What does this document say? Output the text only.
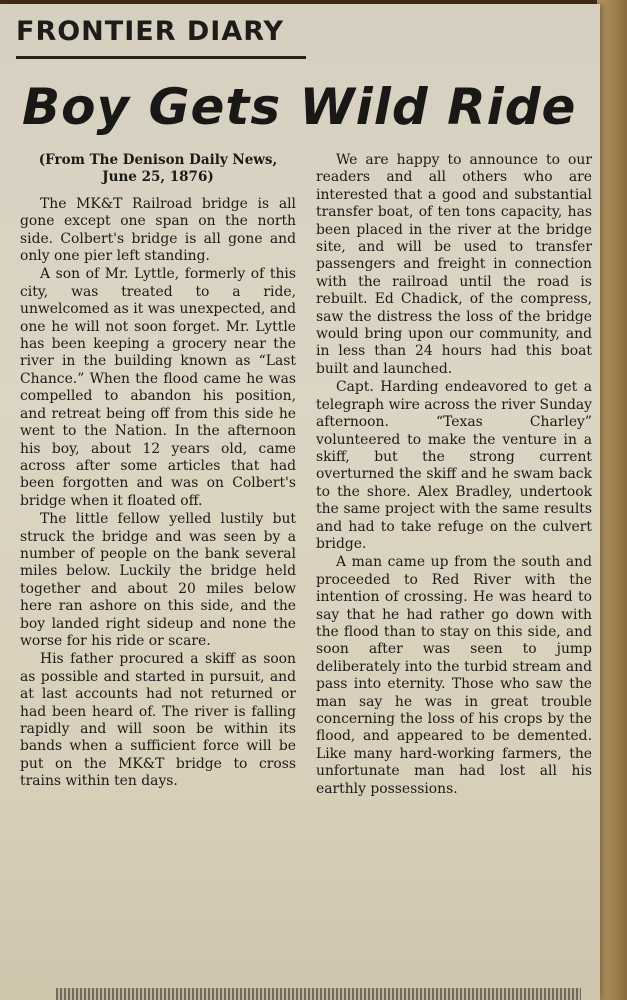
FRONTIER DIARY
Boy Gets Wild Ride
(From The Denison Daily News, June 25, 1876)

The MK&T Railroad bridge is all gone except one span on the north side. Colbert's bridge is all gone and only one pier left standing.

A son of Mr. Lyttle, formerly of this city, was treated to a ride, unwelcomed as it was unexpected, and one he will not soon forget. Mr. Lyttle has been keeping a grocery near the river in the building known as “Last Chance.” When the flood came he was compelled to abandon his position, and retreat being off from this side he went to the Nation. In the afternoon his boy, about 12 years old, came across after some articles that had been forgotten and was on Colbert's bridge when it floated off.

The little fellow yelled lustily but struck the bridge and was seen by a number of people on the bank several miles below. Luckily the bridge held together and about 20 miles below here ran ashore on this side, and the boy landed right sideup and none the worse for his ride or scare.

His father procured a skiff as soon as possible and started in pursuit, and at last accounts had not returned or had been heard of. The river is falling rapidly and will soon be within its bands when a sufficient force will be put on the MK&T bridge to cross trains within ten days.

We are happy to announce to our readers and all others who are interested that a good and substantial transfer boat, of ten tons capacity, has been placed in the river at the bridge site, and will be used to transfer passengers and freight in connection with the railroad until the road is rebuilt. Ed Chadick, of the compress, saw the distress the loss of the bridge would bring upon our community, and in less than 24 hours had this boat built and launched.

Capt. Harding endeavored to get a telegraph wire across the river Sunday afternoon. “Texas Charley” volunteered to make the venture in a skiff, but the strong current overturned the skiff and he swam back to the shore. Alex Bradley, undertook the same project with the same results and had to take refuge on the culvert bridge.

A man came up from the south and proceeded to Red River with the intention of crossing. He was heard to say that he had rather go down with the flood than to stay on this side, and soon after was seen to jump deliberately into the turbid stream and pass into eternity. Those who saw the man say he was in great trouble concerning the loss of his crops by the flood, and appeared to be demented. Like many hard-working farmers, the unfortunate man had lost all his earthly possessions.
